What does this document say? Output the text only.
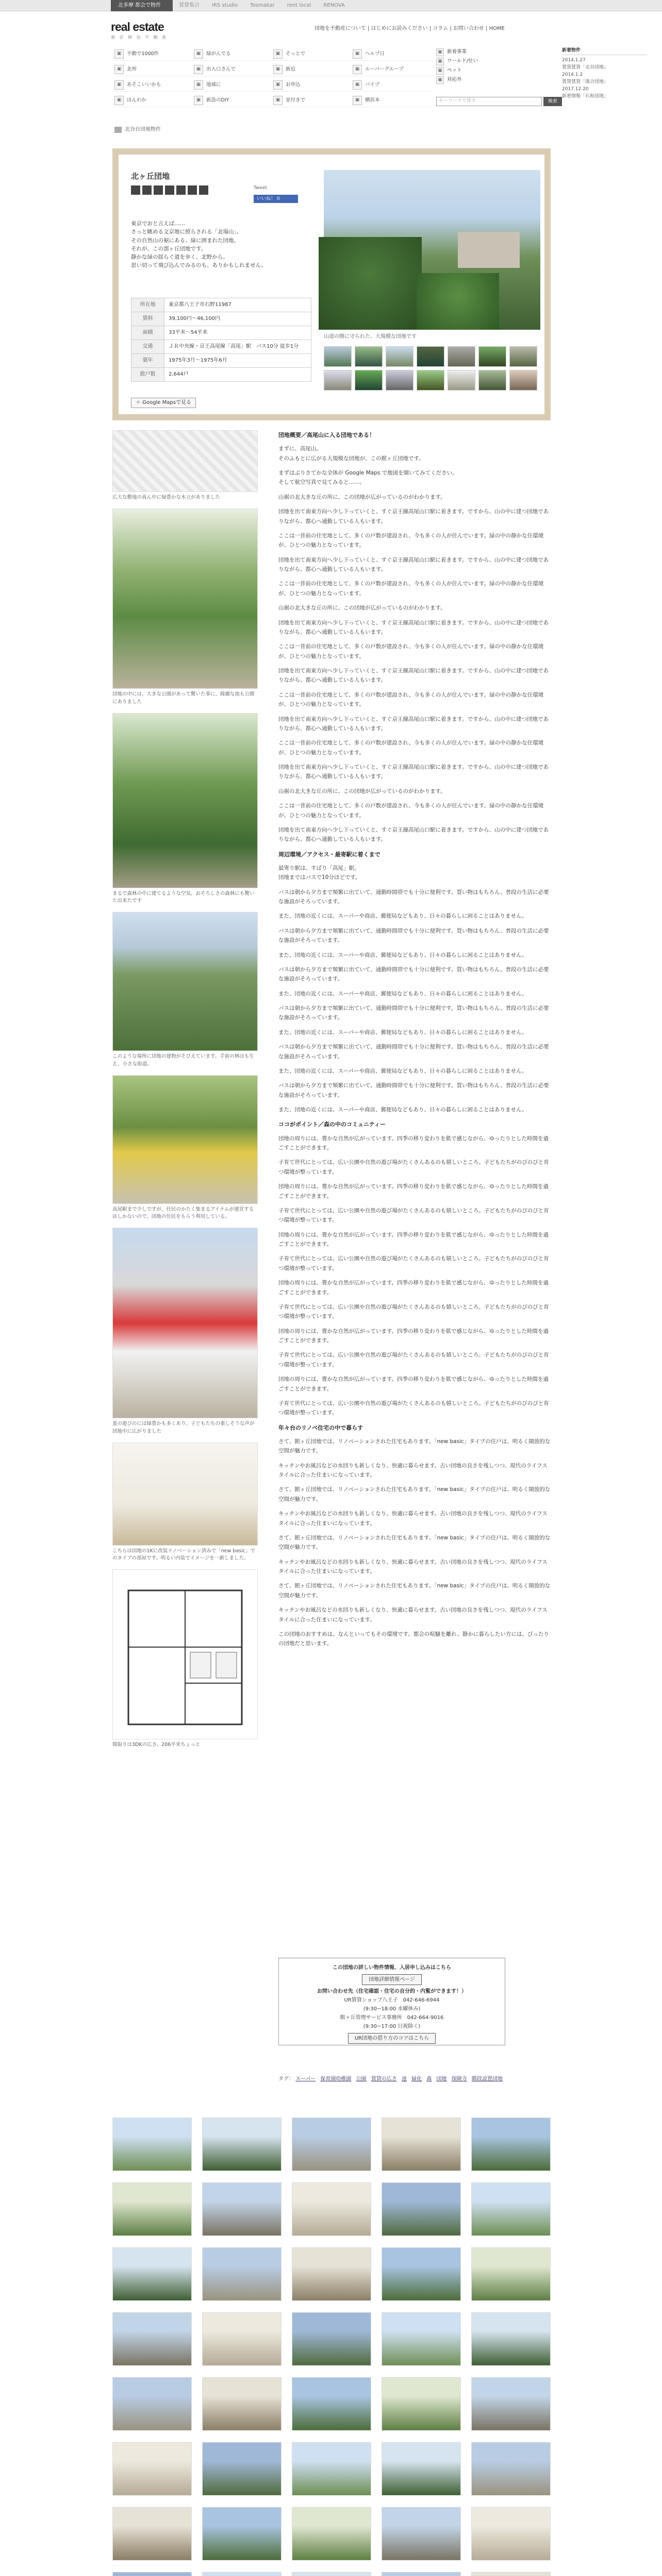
北多摩 都会で物件探し 選ぶ ▼
賃貸集合	IRS studio	Tosmakar	rent local	RENOVA
real estate
東 京 移 住 不 動 産
団地を不動産について | はじめにお読みください | コラム | お問い合わせ | HOME
▣	不動で1000件	▣	緑がんでる	▣	そっとで	▣	ヘルプ日
▣	北所	▣	出入口さんで	▣	新近	▣	ルーバーグループ
▣	あそこいいかも	▣	地域に	▣	お申込	▣	パイプ
▣	ほんわか	▣	新設のDIY	▣	家付きで	▣	横浜本
▣ 新着事業
▣ ワールド/住い
▣ ペット
▣ 対応外
新着物件
2014.1.27
賃貸賃貸「北谷団地」
2014.1.2
賃貸賃貸「落合団地」
2017.12.20
新着情報「石和団地」
キーワードで探す	検索
北谷台団地物件
北ヶ丘団地
Tweet
いいね！ 0
東京でおと言えば……
さっと眺める文京地に照らされる「北場山」。
その自然山の裾にある、緑に囲まれた団地。
それが、この部ヶ丘団地です。
静かな緑の揺らぐ道を歩く、北野から。
思い切って飛び込んでみるのも、ありかもしれません。
所在地	東京都八王子市石野11987
賃料	39,100円～46,100円
面積	33平米～54平米
交通	ＪＲ中央線・京王高尾線「高尾」駅　バス10分 徒歩1分
築年	1975年3月～1975年6月
総戸数	2,644戸
＋ Google Mapsで見る
山道の側に守られた、大規模な団地です
広大な敷地の真ん中に緑豊かな木立がありました
団地の中には、大きな公園があって驚いた事に、綺麗な池も公園にありました
まるで森林の中に建てるような空気。おそろしさの森林にも驚いた出来たです
このような場所に団地の建物がそびえています。手前の林はも生え、小さな街道。
高尾駅まで少しですが、住民のかたく集まるアイテムが運営する店しかないので、団地の住民をもらう利用している。
夏の遊びのには緑豊かも多くあり、子どもたちの楽しそうな声が団地中に広がりました
こちらは団地の1Kに改装リノベーション済みで「new basic」でのタイプの部屋です。明るい内装でイメージを一新しました。
間取りは3DKの広さ。206平米ちょっと
団地概要／高尾山に入る団地である！

まずに、高尾山。
そのふもとに広がる大規模な団地が、この館ヶ丘団地です。

まずはぶりさてかな全体が Google Maps で地図を開いてみてください。
そして航空写真で見てみると……。

山裾の北大きな丘の所に、この団地が広がっているのがわかります。

団地を出て南東方向へ少し下っていくと、すぐ京王線高尾山口駅に着きます。ですから、山の中に建つ団地でありながら、都心へ通勤している人もいます。

ここは一昔前の住宅地として、多くの戸数が建設され、今も多くの人が住んでいます。緑の中の静かな住環境が、ひとつの魅力となっています。

団地を出て南東方向へ少し下っていくと、すぐ京王線高尾山口駅に着きます。ですから、山の中に建つ団地でありながら、都心へ通勤している人もいます。

ここは一昔前の住宅地として、多くの戸数が建設され、今も多くの人が住んでいます。緑の中の静かな住環境が、ひとつの魅力となっています。

山裾の北大きな丘の所に、この団地が広がっているのがわかります。

団地を出て南東方向へ少し下っていくと、すぐ京王線高尾山口駅に着きます。ですから、山の中に建つ団地でありながら、都心へ通勤している人もいます。

ここは一昔前の住宅地として、多くの戸数が建設され、今も多くの人が住んでいます。緑の中の静かな住環境が、ひとつの魅力となっています。

団地を出て南東方向へ少し下っていくと、すぐ京王線高尾山口駅に着きます。ですから、山の中に建つ団地でありながら、都心へ通勤している人もいます。

ここは一昔前の住宅地として、多くの戸数が建設され、今も多くの人が住んでいます。緑の中の静かな住環境が、ひとつの魅力となっています。

団地を出て南東方向へ少し下っていくと、すぐ京王線高尾山口駅に着きます。ですから、山の中に建つ団地でありながら、都心へ通勤している人もいます。

ここは一昔前の住宅地として、多くの戸数が建設され、今も多くの人が住んでいます。緑の中の静かな住環境が、ひとつの魅力となっています。

団地を出て南東方向へ少し下っていくと、すぐ京王線高尾山口駅に着きます。ですから、山の中に建つ団地でありながら、都心へ通勤している人もいます。

山裾の北大きな丘の所に、この団地が広がっているのがわかります。

ここは一昔前の住宅地として、多くの戸数が建設され、今も多くの人が住んでいます。緑の中の静かな住環境が、ひとつの魅力となっています。

団地を出て南東方向へ少し下っていくと、すぐ京王線高尾山口駅に着きます。ですから、山の中に建つ団地でありながら、都心へ通勤している人もいます。

周辺環境／アクセス・最寄駅に着くまで

最寄り駅は、すばり「高尾」駅。
団地まではバスで10分ほどです。

バスは朝から夕方まで頻繁に出ていて、通勤時間帯でも十分に便利です。買い物はもちろん、普段の生活に必要な施設がそろっています。

また、団地の近くには、スーパーや商店、郵便局などもあり、日々の暮らしに困ることはありません。

バスは朝から夕方まで頻繁に出ていて、通勤時間帯でも十分に便利です。買い物はもちろん、普段の生活に必要な施設がそろっています。

また、団地の近くには、スーパーや商店、郵便局などもあり、日々の暮らしに困ることはありません。

バスは朝から夕方まで頻繁に出ていて、通勤時間帯でも十分に便利です。買い物はもちろん、普段の生活に必要な施設がそろっています。

また、団地の近くには、スーパーや商店、郵便局などもあり、日々の暮らしに困ることはありません。

バスは朝から夕方まで頻繁に出ていて、通勤時間帯でも十分に便利です。買い物はもちろん、普段の生活に必要な施設がそろっています。

また、団地の近くには、スーパーや商店、郵便局などもあり、日々の暮らしに困ることはありません。

バスは朝から夕方まで頻繁に出ていて、通勤時間帯でも十分に便利です。買い物はもちろん、普段の生活に必要な施設がそろっています。

また、団地の近くには、スーパーや商店、郵便局などもあり、日々の暮らしに困ることはありません。

バスは朝から夕方まで頻繁に出ていて、通勤時間帯でも十分に便利です。買い物はもちろん、普段の生活に必要な施設がそろっています。

また、団地の近くには、スーパーや商店、郵便局などもあり、日々の暮らしに困ることはありません。

ココがポイント／森の中のコミュニティー

団地の周りには、豊かな自然が広がっています。四季の移り変わりを肌で感じながら、ゆったりとした時間を過ごすことができます。

子育て世代にとっては、広い公園や自然の遊び場がたくさんあるのも嬉しいところ。子どもたちがのびのびと育つ環境が整っています。

団地の周りには、豊かな自然が広がっています。四季の移り変わりを肌で感じながら、ゆったりとした時間を過ごすことができます。

子育て世代にとっては、広い公園や自然の遊び場がたくさんあるのも嬉しいところ。子どもたちがのびのびと育つ環境が整っています。

団地の周りには、豊かな自然が広がっています。四季の移り変わりを肌で感じながら、ゆったりとした時間を過ごすことができます。

子育て世代にとっては、広い公園や自然の遊び場がたくさんあるのも嬉しいところ。子どもたちがのびのびと育つ環境が整っています。

団地の周りには、豊かな自然が広がっています。四季の移り変わりを肌で感じながら、ゆったりとした時間を過ごすことができます。

子育て世代にとっては、広い公園や自然の遊び場がたくさんあるのも嬉しいところ。子どもたちがのびのびと育つ環境が整っています。

団地の周りには、豊かな自然が広がっています。四季の移り変わりを肌で感じながら、ゆったりとした時間を過ごすことができます。

子育て世代にとっては、広い公園や自然の遊び場がたくさんあるのも嬉しいところ。子どもたちがのびのびと育つ環境が整っています。

団地の周りには、豊かな自然が広がっています。四季の移り変わりを肌で感じながら、ゆったりとした時間を過ごすことができます。

子育て世代にとっては、広い公園や自然の遊び場がたくさんあるのも嬉しいところ。子どもたちがのびのびと育つ環境が整っています。

年々台のリノベ住宅の中で暮らす

さて、館ヶ丘団地では、リノベーションされた住宅もあります。「new basic」タイプの住戸は、明るく開放的な空間が魅力です。

キッチンやお風呂などの水回りも新しくなり、快適に暮らせます。古い団地の良さを残しつつ、現代のライフスタイルに合った住まいになっています。

さて、館ヶ丘団地では、リノベーションされた住宅もあります。「new basic」タイプの住戸は、明るく開放的な空間が魅力です。

キッチンやお風呂などの水回りも新しくなり、快適に暮らせます。古い団地の良さを残しつつ、現代のライフスタイルに合った住まいになっています。

さて、館ヶ丘団地では、リノベーションされた住宅もあります。「new basic」タイプの住戸は、明るく開放的な空間が魅力です。

キッチンやお風呂などの水回りも新しくなり、快適に暮らせます。古い団地の良さを残しつつ、現代のライフスタイルに合った住まいになっています。

さて、館ヶ丘団地では、リノベーションされた住宅もあります。「new basic」タイプの住戸は、明るく開放的な空間が魅力です。

キッチンやお風呂などの水回りも新しくなり、快適に暮らせます。古い団地の良さを残しつつ、現代のライフスタイルに合った住まいになっています。

この団地のおすすめは、なんといってもその環境です。都会の喧騒を離れ、静かに暮らしたい方には、ぴったりの団地だと思います。

この団地の詳しい物件情報、入居申し込みはこちら
団地詳細情報ページ
お問い合わせ先（住宅確認・住宅の自分的・内覧ができます！）
UR賃貸ショップ八王子　042-646-6944
(9:30~18:00 水曜休み)
館ヶ丘管理サービス事務所　042-664-9016
(9:30~17:00 日祝除く)
UR団地の借り方のコツはこちら
タグ： スーパー 保育園幼稚園 公園 賃貸の広さ 池 緑化 森 団地 保険寺 階段設置団地
